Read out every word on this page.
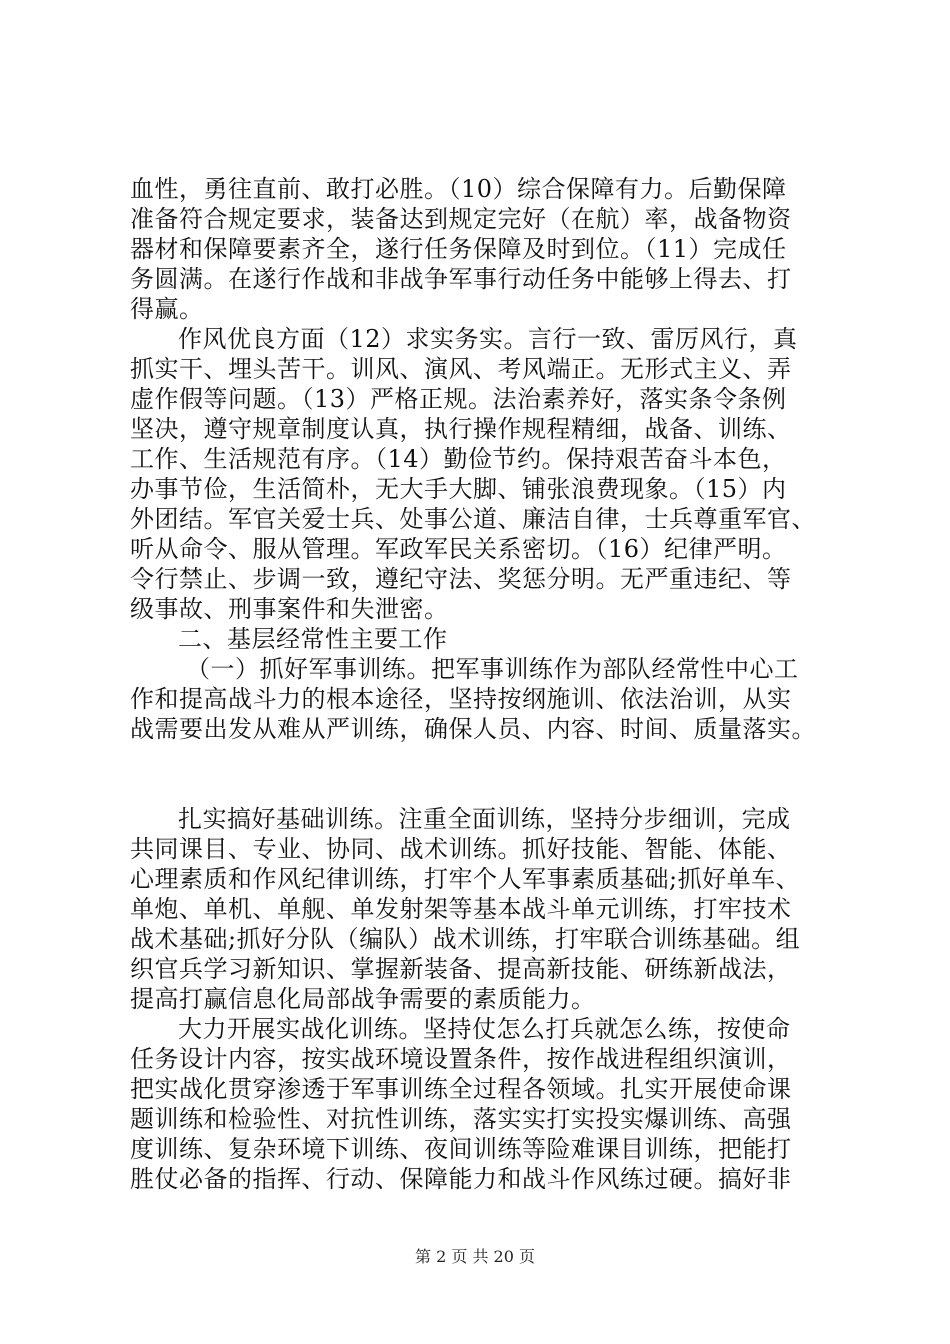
血性，勇往直前、敢打必胜。（10）综合保障有力。后勤保障
准备符合规定要求，装备达到规定完好（在航）率，战备物资
器材和保障要素齐全，遂行任务保障及时到位。（11）完成任
务圆满。在遂行作战和非战争军事行动任务中能够上得去、打
得赢。
作风优良方面（12）求实务实。言行一致、雷厉风行，真
抓实干、埋头苦干。训风、演风、考风端正。无形式主义、弄
虚作假等问题。（13）严格正规。法治素养好，落实条令条例
坚决，遵守规章制度认真，执行操作规程精细，战备、训练、
工作、生活规范有序。（14）勤俭节约。保持艰苦奋斗本色，
办事节俭，生活简朴，无大手大脚、铺张浪费现象。（15）内
外团结。军官关爱士兵、处事公道、廉洁自律，士兵尊重军官、
听从命令、服从管理。军政军民关系密切。（16）纪律严明。
令行禁止、步调一致，遵纪守法、奖惩分明。无严重违纪、等
级事故、刑事案件和失泄密。
二、基层经常性主要工作
（一）抓好军事训练。把军事训练作为部队经常性中心工
作和提高战斗力的根本途径，坚持按纲施训、依法治训，从实
战需要出发从难从严训练，确保人员、内容、时间、质量落实。
扎实搞好基础训练。注重全面训练，坚持分步细训，完成
共同课目、专业、协同、战术训练。抓好技能、智能、体能、
心理素质和作风纪律训练，打牢个人军事素质基础;抓好单车、
单炮、单机、单舰、单发射架等基本战斗单元训练，打牢技术
战术基础;抓好分队（编队）战术训练，打牢联合训练基础。组
织官兵学习新知识、掌握新装备、提高新技能、研练新战法，
提高打赢信息化局部战争需要的素质能力。
大力开展实战化训练。坚持仗怎么打兵就怎么练，按使命
任务设计内容，按实战环境设置条件，按作战进程组织演训，
把实战化贯穿渗透于军事训练全过程各领域。扎实开展使命课
题训练和检验性、对抗性训练，落实实打实投实爆训练、高强
度训练、复杂环境下训练、夜间训练等险难课目训练，把能打
胜仗必备的指挥、行动、保障能力和战斗作风练过硬。搞好非
第 2 页 共 20 页
